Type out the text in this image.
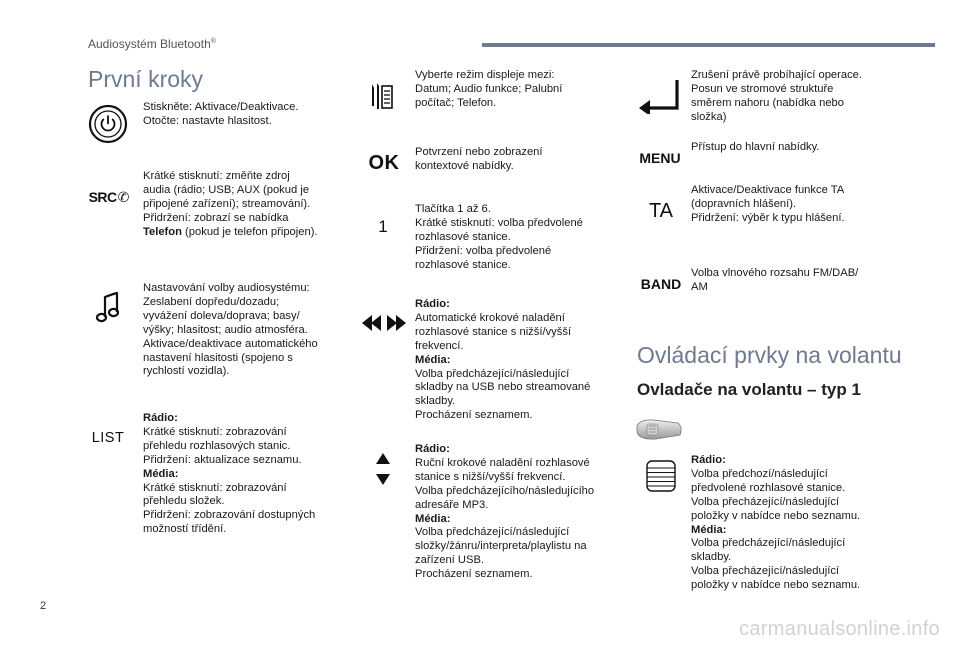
Audiosystém Bluetooth®
První kroky
Stiskněte: Aktivace/Deaktivace.
Otočte: nastavte hlasitost.
SRC ✆
Krátké stisknutí: změňte zdroj
audia (rádio; USB; AUX (pokud je
připojené zařízení); streamování).
Přidržení: zobrazí se nabídka
Telefon (pokud je telefon připojen).
Nastavování volby audiosystému:
Zeslabení dopředu/dozadu;
vyvážení doleva/doprava; basy/
výšky; hlasitost; audio atmosféra.
Aktivace/deaktivace automatického
nastavení hlasitosti (spojeno s
rychlostí vozidla).
LIST
Rádio:
Krátké stisknutí: zobrazování
přehledu rozhlasových stanic.
Přidržení: aktualizace seznamu.
Média:
Krátké stisknutí: zobrazování
přehledu složek.
Přidržení: zobrazování dostupných
možností třídění.
Vyberte režim displeje mezi:
Datum; Audio funkce; Palubní
počítač; Telefon.
OK Potvrzení nebo zobrazení
kontextové nabídky.
1
Tlačítka 1 až 6.
Krátké stisknutí: volba předvolené
rozhlasové stanice.
Přidržení: volba předvolené
rozhlasové stanice.
Rádio:
Automatické krokové naladění
rozhlasové stanice s nižší/vyšší
frekvencí.
Média:
Volba předcházející/následující
skladby na USB nebo streamované
skladby.
Procházení seznamem.
Rádio:
Ruční krokové naladění rozhlasové
stanice s nižší/vyšší frekvencí.
Volba předcházejícího/následujícího
adresáře MP3.
Média:
Volba předcházející/následující
složky/žánru/interpreta/playlistu na
zařízení USB.
Procházení seznamem.
Zrušení právě probíhající operace.
Posun ve stromové struktuře
směrem nahoru (nabídka nebo
složka)
MENU
Přístup do hlavní nabídky.
TA
Aktivace/Deaktivace funkce TA
(dopravních hlášení).
Přidržení: výběr k typu hlášení.
BAND
Volba vlnového rozsahu FM/DAB/
AM
Ovládací prvky na volantu
Ovladače na volantu – typ 1
Rádio:
Volba předchozí/následující
předvolené rozhlasové stanice.
Volba přecházející/následující
položky v nabídce nebo seznamu.
Média:
Volba předcházející/následující
skladby.
Volba přecházející/následující
položky v nabídce nebo seznamu.
2
carmanualsonline.info
